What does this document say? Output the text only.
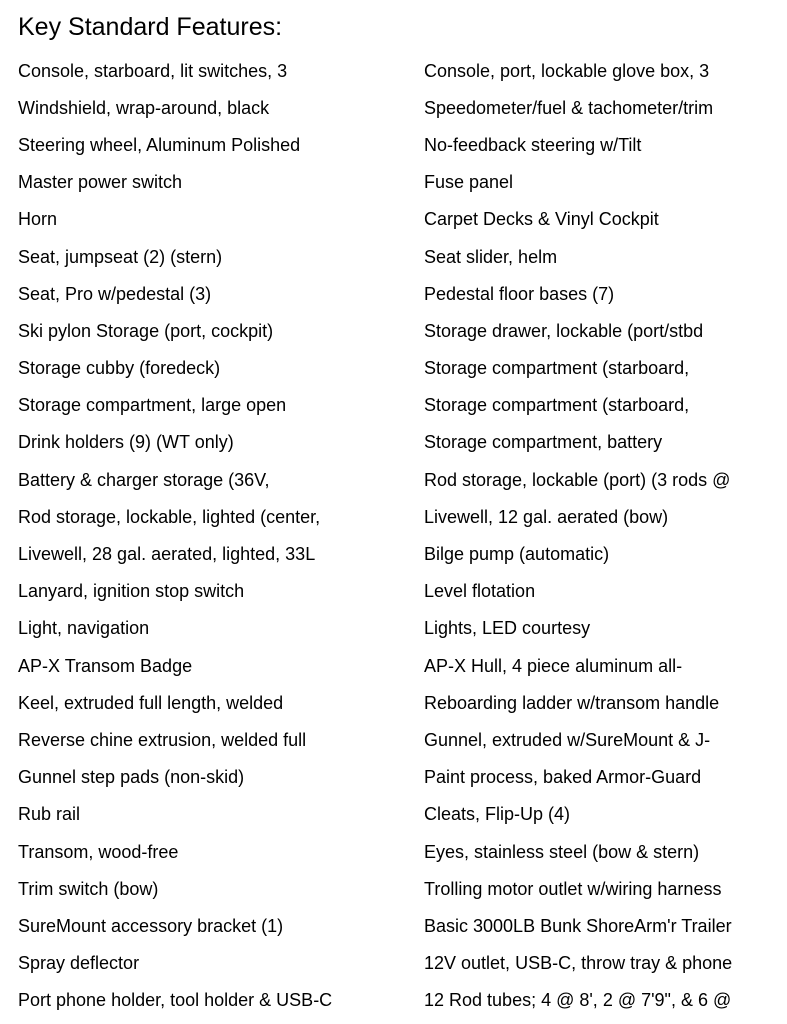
Key Standard Features:
Console, starboard, lit switches, 3	Console, port, lockable glove box, 3
Windshield, wrap-around, black	Speedometer/fuel & tachometer/trim
Steering wheel, Aluminum Polished	No-feedback steering w/Tilt
Master power switch	Fuse panel
Horn	Carpet Decks & Vinyl Cockpit
Seat, jumpseat (2) (stern)	Seat slider, helm
Seat, Pro w/pedestal (3)	Pedestal floor bases (7)
Ski pylon Storage (port, cockpit)	Storage drawer, lockable (port/stbd
Storage cubby (foredeck)	Storage compartment (starboard,
Storage compartment, large open	Storage compartment (starboard,
Drink holders (9) (WT only)	Storage compartment, battery
Battery & charger storage (36V,	Rod storage, lockable (port) (3 rods @
Rod storage, lockable, lighted (center,	Livewell, 12 gal. aerated (bow)
Livewell, 28 gal. aerated, lighted, 33L	Bilge pump (automatic)
Lanyard, ignition stop switch	Level flotation
Light, navigation	Lights, LED courtesy
AP-X Transom Badge	AP-X Hull, 4 piece aluminum all-
Keel, extruded full length, welded	Reboarding ladder w/transom handle
Reverse chine extrusion, welded full	Gunnel, extruded w/SureMount & J-
Gunnel step pads (non-skid)	Paint process, baked Armor-Guard
Rub rail	Cleats, Flip-Up (4)
Transom, wood-free	Eyes, stainless steel (bow & stern)
Trim switch (bow)	Trolling motor outlet w/wiring harness
SureMount accessory bracket (1)	Basic 3000LB Bunk ShoreArm'r Trailer
Spray deflector	12V outlet, USB-C, throw tray & phone
Port phone holder, tool holder & USB-C	12 Rod tubes; 4 @ 8', 2 @ 7'9", & 6 @
